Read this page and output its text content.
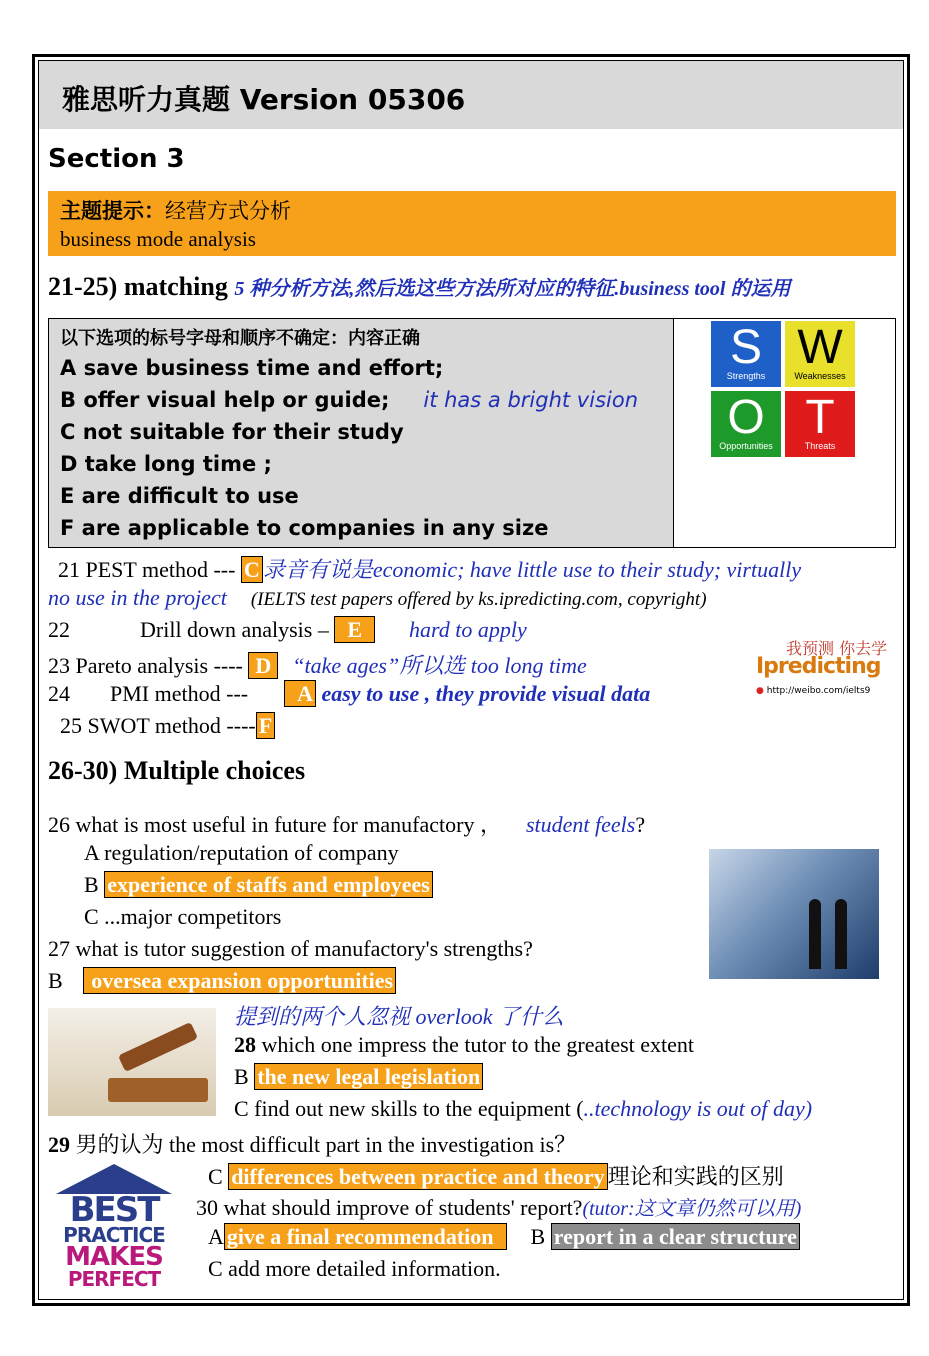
雅思听力真题 Version 05306
Section 3
主题提示：经营方式分析
business mode analysis
21-25) matching 5 种分析方法,然后选这些方法所对应的特征.business tool 的运用
以下选项的标号字母和顺序不确定：内容正确
A save business time and effort;
B offer visual help or guide; it has a bright vision
C not suitable for their study
D take long time ;
E are difficult to use
F are applicable to companies in any size
S
Strengths
W
Weaknesses
O
Opportunities
T
Threats
21 PEST method --- C 录音有说是economic; have little use to their study; virtually
no use in the project (IELTS test papers offered by ks.ipredicting.com, copyright)
22	Drill down analysis – E hard to apply
23 Pareto analysis ---- D “take ages”所以选 too long time
24 PMI method --- A easy to use , they provide visual data
25 SWOT method ---- F
我预测 你去学
Ipredicting
● http://weibo.com/ielts9
26-30) Multiple choices
26 what is most useful in future for manufactory ， student feels?
A regulation/reputation of company
B experience of staffs and employees
C ...major competitors
27 what is tutor suggestion of manufactory's strengths?
B oversea expansion opportunities
提到的两个人忽视 overlook 了什么
28 which one impress the tutor to the greatest extent
B the new legal legislation
C find out new skills to the equipment (..technology is out of day)
29 男的认为 the most difficult part in the investigation is？
C differences between practice and theory 理论和实践的区别
30 what should improve of students' report?(tutor:这文章仍然可以用)
A give a final recommendation B report in a clear structure
C add more detailed information.
BEST
PRACTICE
MAKES
PERFECT
